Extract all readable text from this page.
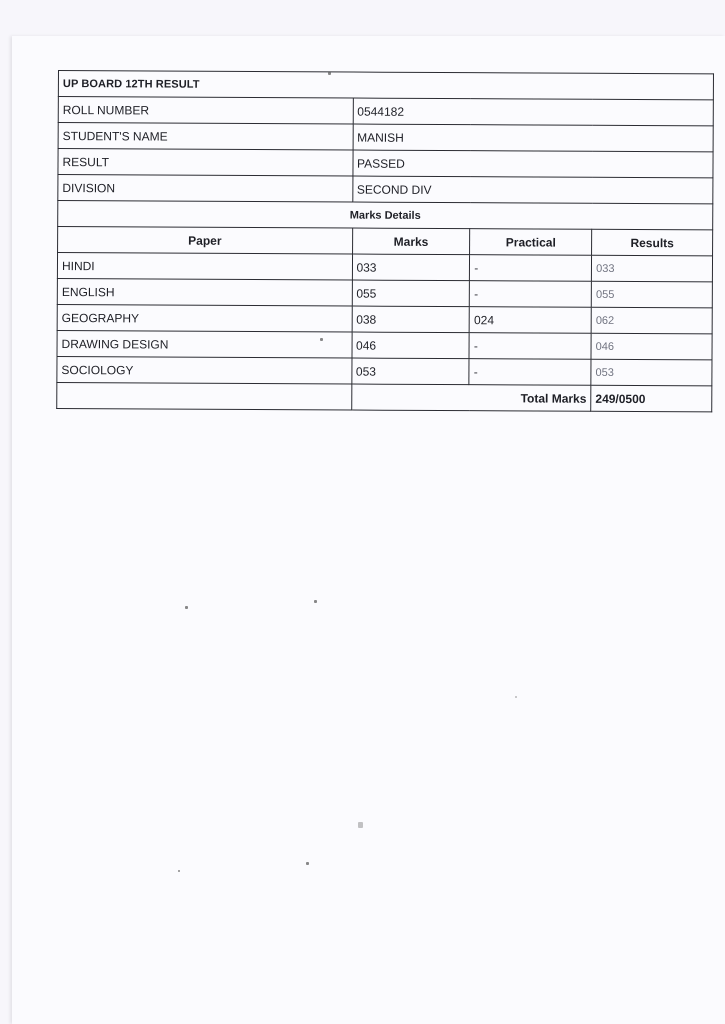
UP BOARD 12TH RESULT			
ROLL NUMBER	0544182		
STUDENT'S NAME	MANISH		
RESULT	PASSED		
DIVISION	SECOND DIV		
Marks Details			
Paper	Marks	Practical	Results
HINDI	033	-	033
ENGLISH	055	-	055
GEOGRAPHY	038	024	062
DRAWING DESIGN	046	-	046
SOCIOLOGY	053	-	053
	Total Marks		249/0500
